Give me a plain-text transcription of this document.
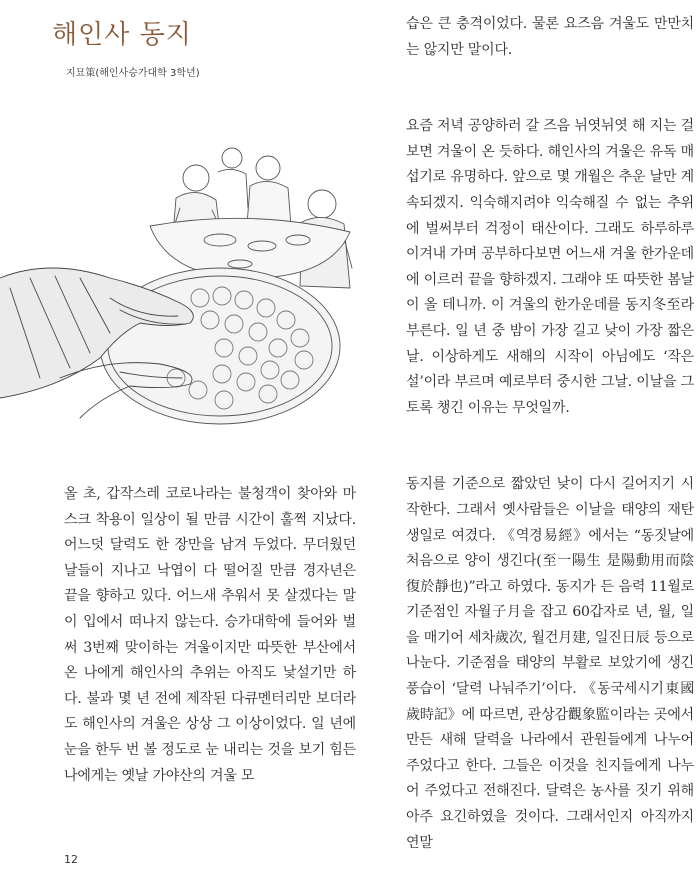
해인사 동지
지묘䇿(해인사승가대학 3학년)

올 초, 갑작스레 코로나라는 불청객이 찾아와 마스크 착용이 일상이 될 만큼 시간이 훌쩍 지났다. 어느덧 달력도 한 장만을 남겨 두었다. 무더웠던 날들이 지나고 낙엽이 다 떨어질 만큼 경자년은 끝을 향하고 있다. 어느새 추워서 못 살겠다는 말이 입에서 떠나지 않는다. 승가대학에 들어와 벌써 3번째 맞이하는 겨울이지만 따뜻한 부산에서 온 나에게 해인사의 추위는 아직도 낯설기만 하다. 불과 몇 년 전에 제작된 다큐멘터리만 보더라도 해인사의 겨울은 상상 그 이상이었다. 일 년에 눈을 한두 번 볼 정도로 눈 내리는 것을 보기 힘든 나에게는 옛날 가야산의 겨울 모

습은 큰 충격이었다. 물론 요즈음 겨울도 만만치는 않지만 말이다.

요즘 저녁 공양하러 갈 즈음 뉘엿뉘엿 해 지는 걸 보면 겨울이 온 듯하다. 해인사의 겨울은 유독 매섭기로 유명하다. 앞으로 몇 개월은 추운 날만 계속되겠지. 익숙해지려야 익숙해질 수 없는 추위에 벌써부터 걱정이 태산이다. 그래도 하루하루 이겨내 가며 공부하다보면 어느새 겨울 한가운데에 이르러 끝을 향하겠지. 그래야 또 따뜻한 봄날이 올 테니까. 이 겨울의 한가운데를 동지冬至라 부른다. 일 년 중 밤이 가장 길고 낮이 가장 짧은 날. 이상하게도 새해의 시작이 아님에도 ‘작은 설’이라 부르며 예로부터 중시한 그날. 이날을 그토록 챙긴 이유는 무엇일까.

동지를 기준으로 짧았던 낮이 다시 길어지기 시작한다. 그래서 옛사람들은 이날을 태양의 재탄생일로 여겼다. 《역경易經》에서는 “동짓날에 처음으로 양이 생긴다(至一陽生 是陽動用而陰復於靜也)”라고 하였다. 동지가 든 음력 11월로 기준점인 자월子月을 잡고 60갑자로 년, 월, 일을 매기어 세차歲次, 월건月建, 일진日辰 등으로 나눈다. 기준점을 태양의 부활로 보았기에 생긴 풍습이 ‘달력 나눠주기’이다. 《동국세시기東國歲時記》에 따르면, 관상감觀象監이라는 곳에서 만든 새해 달력을 나라에서 관원들에게 나누어 주었다고 한다. 그들은 이것을 친지들에게 나누어 주었다고 전해진다. 달력은 농사를 짓기 위해 아주 요긴하였을 것이다. 그래서인지 아직까지 연말

12
